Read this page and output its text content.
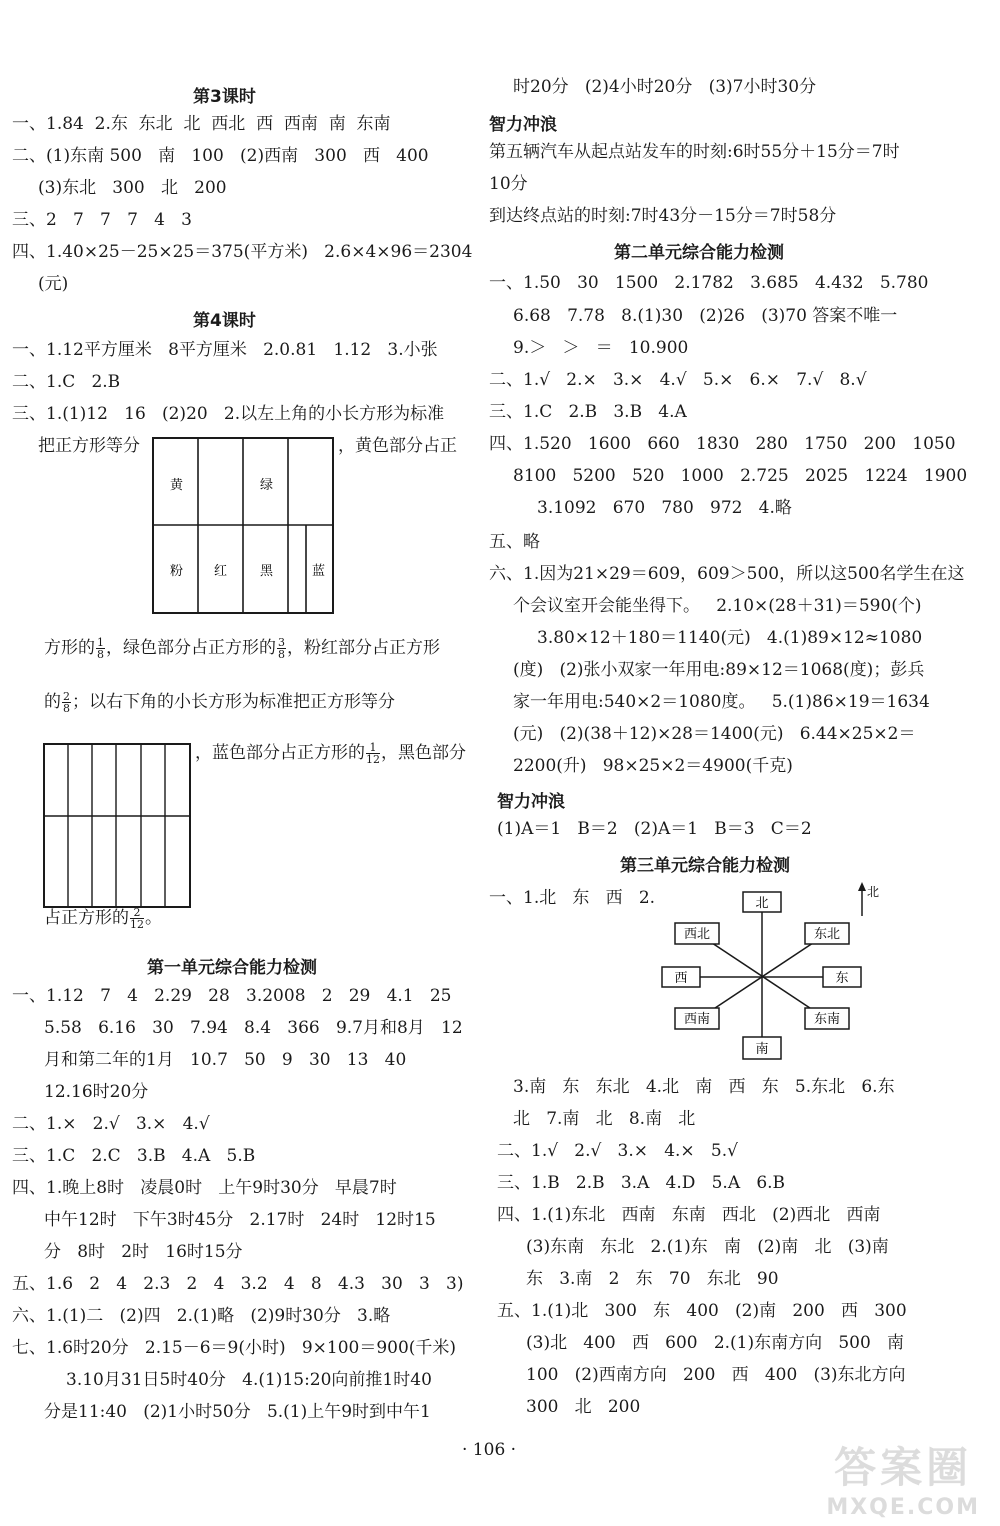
第3课时
一、1.84  2.东  东北  北  西北  西  西南  南  东南
二、(1)东南 500   南   100   (2)西南   300   西   400
(3)东北   300   北   200
三、2   7   7   7   4   3
四、1.40×25－25×25＝375(平方米)   2.6×4×96＝2304
(元)
第4课时
一、1.12平方厘米   8平方厘米   2.0.81   1.12   3.小张
二、1.C   2.B
三、1.(1)12   16   (2)20   2.以左上角的小长方形为标准
把正方形等分	，黄色部分占正
黄	绿
粉 红	黑	蓝
方形的 $\frac{1}{8}$ ，绿色部分占正方形的 $\frac{3}{8}$ ，粉红部分占正方形
的 $\frac{2}{8}$ ；以右下角的小长方形为标准把正方形等分
，蓝色部分占正方形的 $\frac{1}{12}$ ，黑色部分
占正方形的 $\frac{2}{12}$ 。
第一单元综合能力检测
一、1.12   7   4   2.29   28   3.2008   2   29   4.1   25
5.58   6.16   30   7.94   8.4   366   9.7月和8月   12
月和第二年的1月   10.7   50   9   30   13   40
12.16时20分
二、1.×   2.√   3.×   4.√
三、1.C   2.C   3.B   4.A   5.B
四、1.晚上8时   凌晨0时   上午9时30分   早晨7时
中午12时   下午3时45分   2.17时   24时   12时15
分   8时   2时   16时15分
五、1.6   2   4   2.3   2   4   3.2   4   8   4.3   30   3   3)
六、1.(1)二   (2)四   2.(1)略   (2)9时30分   3.略
七、1.6时20分   2.15－6＝9(小时)   9×100＝900(千米)
3.10月31日5时40分   4.(1)15:20向前推1时40
分是11:40   (2)1小时50分   5.(1)上午9时到中午1
时20分   (2)4小时20分   (3)7小时30分
智力冲浪
第五辆汽车从起点站发车的时刻:6时55分＋15分＝7时
10分
到达终点站的时刻:7时43分－15分＝7时58分
第二单元综合能力检测
一、1.50   30   1500   2.1782   3.685   4.432   5.780
6.68   7.78   8.(1)30   (2)26   (3)70 答案不唯一
9.＞   ＞   ＝   10.900
二、1.√   2.×   3.×   4.√   5.×   6.×   7.√   8.√
三、1.C   2.B   3.B   4.A
四、1.520   1600   660   1830   280   1750   200   1050
8100   5200   520   1000   2.725   2025   1224   1900
3.1092   670   780   972   4.略
五、略
六、1.因为21×29＝609，609＞500，所以这500名学生在这
个会议室开会能坐得下。   2.10×(28＋31)＝590(个)
3.80×12＋180＝1140(元)   4.(1)89×12≈1080
(度)   (2)张小双家一年用电:89×12＝1068(度)；彭兵
家一年用电:540×2＝1080度。   5.(1)86×19＝1634
(元)   (2)(38＋12)×28＝1400(元)   6.44×25×2＝
2200(升)   98×25×2＝4900(千克)
智力冲浪
(1)A＝1   B＝2   (2)A＝1   B＝3   C＝2
第三单元综合能力检测
一、1.北   东   西   2.	北
西北	东北
西	东
西南	东南
南
北
3.南   东   东北   4.北   南   西   东   5.东北   6.东
北   7.南   北   8.南   北
二、1.√   2.√   3.×   4.×   5.√
三、1.B   2.B   3.A   4.D   5.A   6.B
四、1.(1)东北   西南   东南   西北   (2)西北   西南
(3)东南   东北   2.(1)东   南   (2)南   北   (3)南
东   3.南   2   东   70   东北   90
五、1.(1)北   300   东   400   (2)南   200   西   300
(3)北   400   西   600   2.(1)东南方向   500   南
100   (2)西南方向   200   西   400   (3)东北方向
300   北   200
· 106 ·	答案圈
MXQE.COM
